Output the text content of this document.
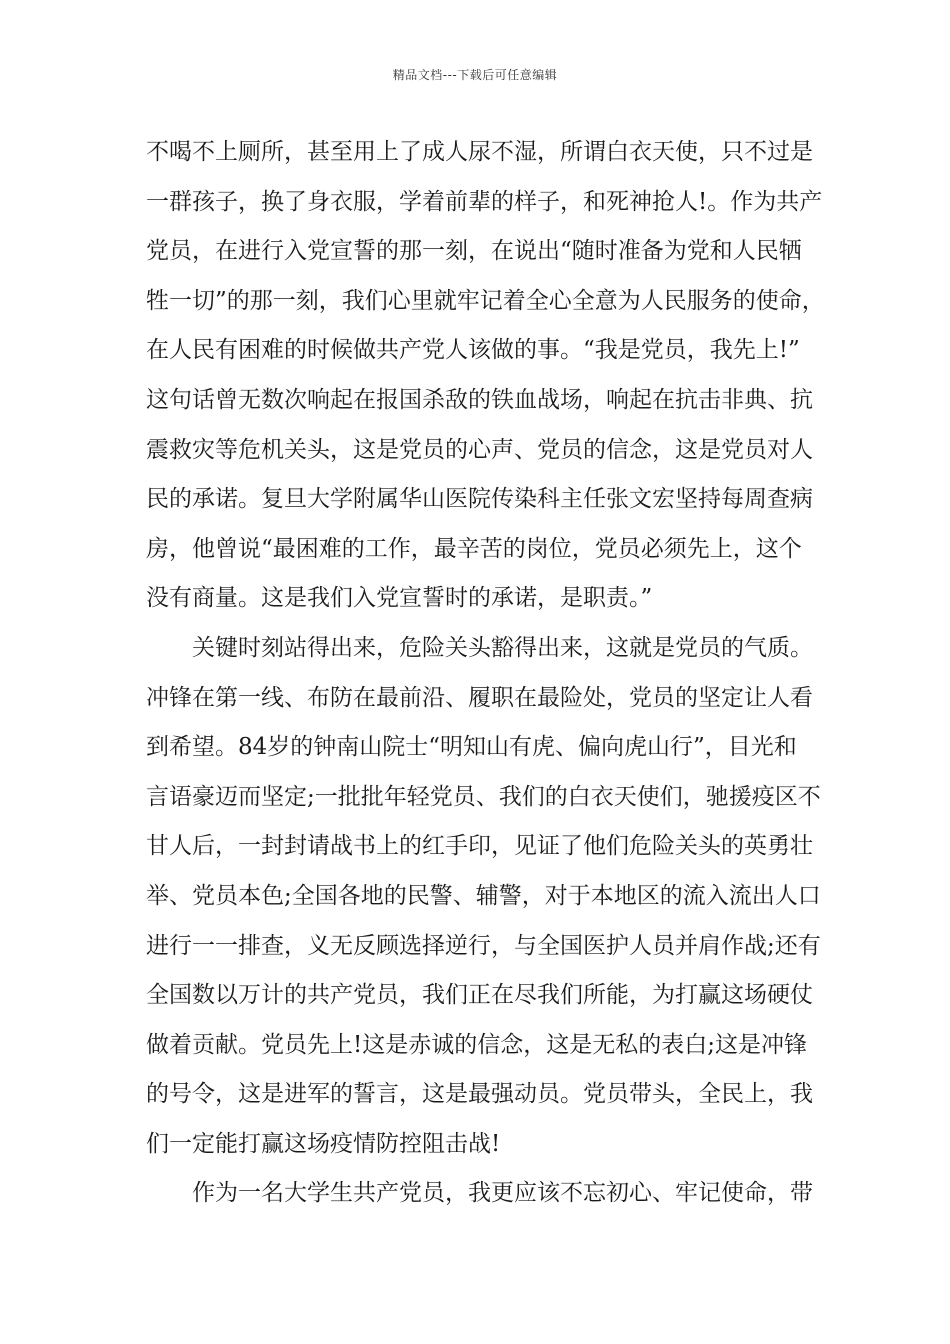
精品文档---下载后可任意编辑
不喝不上厕所，甚至用上了成人尿不湿，所谓白衣天使，只不过是
一群孩子，换了身衣服，学着前辈的样子，和死神抢人!。作为共产
党员，在进行入党宣誓的那一刻，在说出“随时准备为党和人民牺
牲一切”的那一刻，我们心里就牢记着全心全意为人民服务的使命，
在人民有困难的时候做共产党人该做的事。“我是党员，我先上!”
这句话曾无数次响起在报国杀敌的铁血战场，响起在抗击非典、抗
震救灾等危机关头，这是党员的心声、党员的信念，这是党员对人
民的承诺。复旦大学附属华山医院传染科主任张文宏坚持每周查病
房，他曾说“最困难的工作，最辛苦的岗位，党员必须先上，这个
没有商量。这是我们入党宣誓时的承诺，是职责。”
　　关键时刻站得出来，危险关头豁得出来，这就是党员的气质。
冲锋在第一线、布防在最前沿、履职在最险处，党员的坚定让人看
到希望。84岁的钟南山院士“明知山有虎、偏向虎山行”，目光和
言语豪迈而坚定;一批批年轻党员、我们的白衣天使们，驰援疫区不
甘人后，一封封请战书上的红手印，见证了他们危险关头的英勇壮
举、党员本色;全国各地的民警、辅警，对于本地区的流入流出人口
进行一一排查，义无反顾选择逆行，与全国医护人员并肩作战;还有
全国数以万计的共产党员，我们正在尽我们所能，为打赢这场硬仗
做着贡献。党员先上!这是赤诚的信念，这是无私的表白;这是冲锋
的号令，这是进军的誓言，这是最强动员。党员带头，全民上，我
们一定能打赢这场疫情防控阻击战!
　　作为一名大学生共产党员，我更应该不忘初心、牢记使命，带
